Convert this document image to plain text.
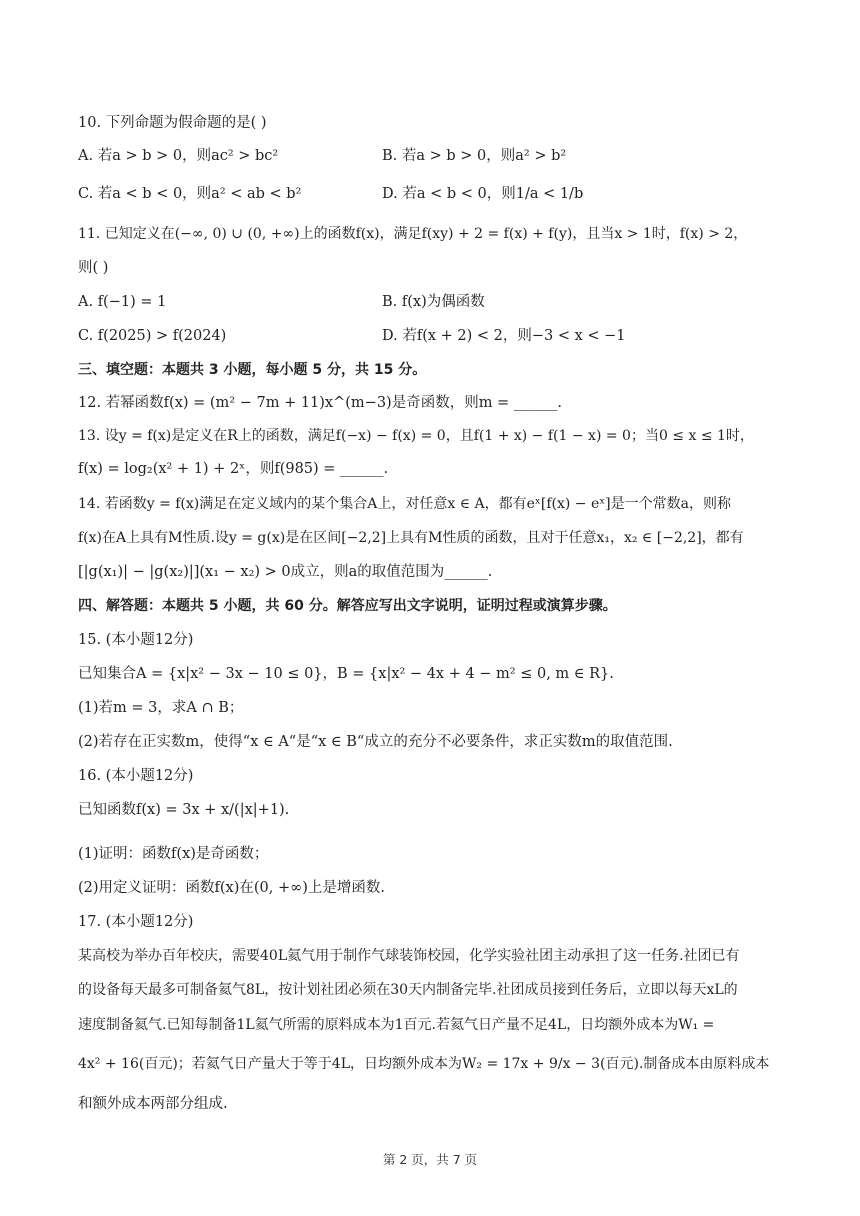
10. 下列命题为假命题的是( )
A. 若a > b > 0，则ac² > bc²	B. 若a > b > 0，则a² > b²
C. 若a < b < 0，则a² < ab < b²	D. 若a < b < 0，则1/a < 1/b
11. 已知定义在(−∞, 0) ∪ (0, +∞)上的函数f(x)，满足f(xy) + 2 = f(x) + f(y)，且当x > 1时，f(x) > 2，
则( )
A. f(−1) = 1	B. f(x)为偶函数
C. f(2025) > f(2024)	D. 若f(x + 2) < 2，则−3 < x < −1
三、填空题：本题共 3 小题，每小题 5 分，共 15 分。
12. 若幂函数f(x) = (m² − 7m + 11)x^(m−3)是奇函数，则m = ______.
13. 设y = f(x)是定义在R上的函数，满足f(−x) − f(x) = 0，且f(1 + x) − f(1 − x) = 0；当0 ≤ x ≤ 1时，
f(x) = log₂(x² + 1) + 2ˣ，则f(985) = ______.
14. 若函数y = f(x)满足在定义域内的某个集合A上，对任意x ∈ A，都有eˣ[f(x) − eˣ]是一个常数a，则称
f(x)在A上具有M性质.设y = g(x)是在区间[−2,2]上具有M性质的函数，且对于任意x₁，x₂ ∈ [−2,2]，都有
[|g(x₁)| − |g(x₂)|](x₁ − x₂) > 0成立，则a的取值范围为______.
四、解答题：本题共 5 小题，共 60 分。解答应写出文字说明，证明过程或演算步骤。
15. (本小题12分)
已知集合A = {x|x² − 3x − 10 ≤ 0}，B = {x|x² − 4x + 4 − m² ≤ 0, m ∈ R}.
(1)若m = 3，求A ∩ B；
(2)若存在正实数m，使得“x ∈ A“是“x ∈ B“成立的充分不必要条件，求正实数m的取值范围.
16. (本小题12分)
已知函数f(x) = 3x + x/(|x|+1).
(1)证明：函数f(x)是奇函数；
(2)用定义证明：函数f(x)在(0, +∞)上是增函数.
17. (本小题12分)
某高校为举办百年校庆，需要40L氦气用于制作气球装饰校园，化学实验社团主动承担了这一任务.社团已有
的设备每天最多可制备氦气8L，按计划社团必须在30天内制备完毕.社团成员接到任务后，立即以每天xL的
速度制备氦气.已知每制备1L氦气所需的原料成本为1百元.若氦气日产量不足4L，日均额外成本为W₁ =
4x² + 16(百元)；若氦气日产量大于等于4L，日均额外成本为W₂ = 17x + 9/x − 3(百元).制备成本由原料成本
和额外成本两部分组成.
第 2 页，共 7 页
